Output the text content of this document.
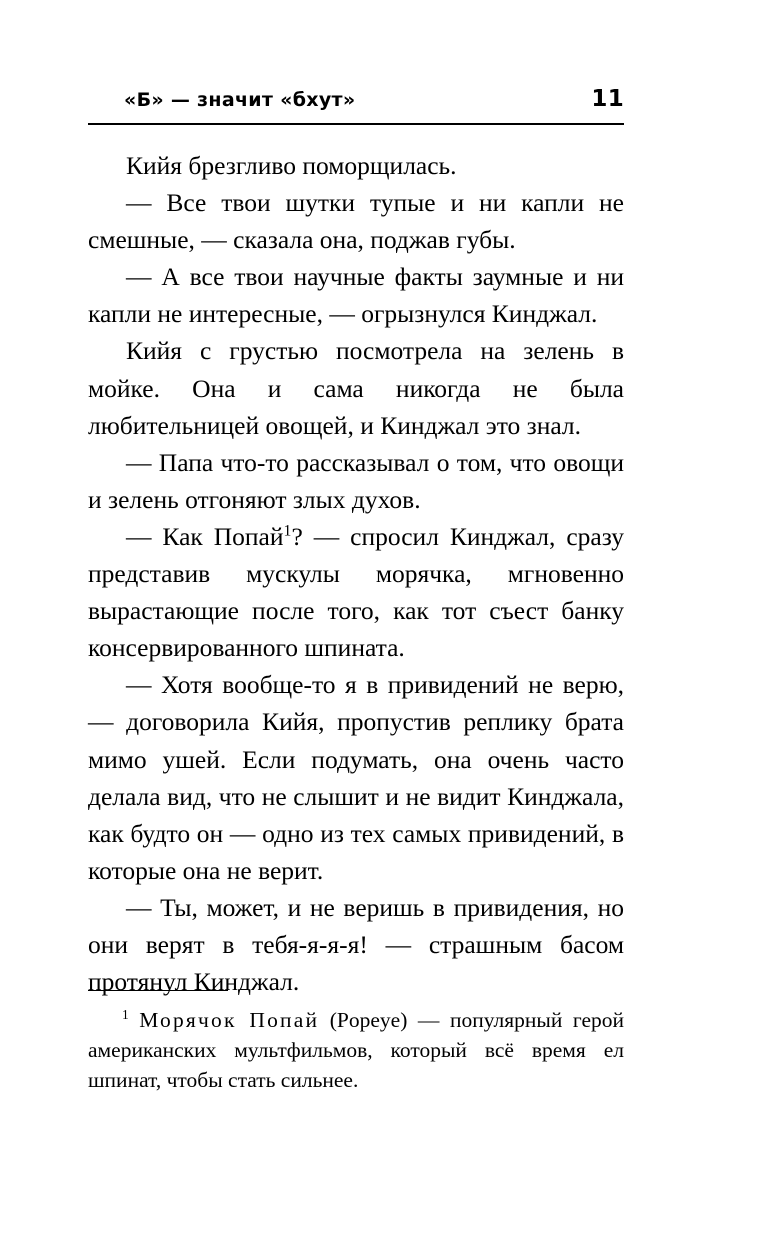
«Б» — значит «бхут»	11

Кийя брезгливо поморщилась.

— Все твои шутки тупые и ни капли не смешные, — сказала она, поджав губы.

— А все твои научные факты заумные и ни капли не интересные, — огрызнулся Кинджал.

Кийя с грустью посмотрела на зелень в мойке. Она и сама никогда не была любительницей овощей, и Кинджал это знал.

— Папа что-то рассказывал о том, что овощи и зелень отгоняют злых духов.

— Как Попай$^1$? — спросил Кинджал, сразу представив мускулы морячка, мгновенно вырастающие после того, как тот съест банку консервированного шпината.

— Хотя вообще-то я в привидений не верю, — договорила Кийя, пропустив реплику брата мимо ушей. Если подумать, она очень часто делала вид, что не слышит и не видит Кинджала, как будто он — одно из тех самых привидений, в которые она не верит.

— Ты, может, и не веришь в привидения, но они верят в тебя-я-я-я! — страшным басом протянул Кинджал.

$^1$ Морячок Попай (Popeye) — популярный герой американских мультфильмов, который всё время ел шпинат, чтобы стать сильнее.
